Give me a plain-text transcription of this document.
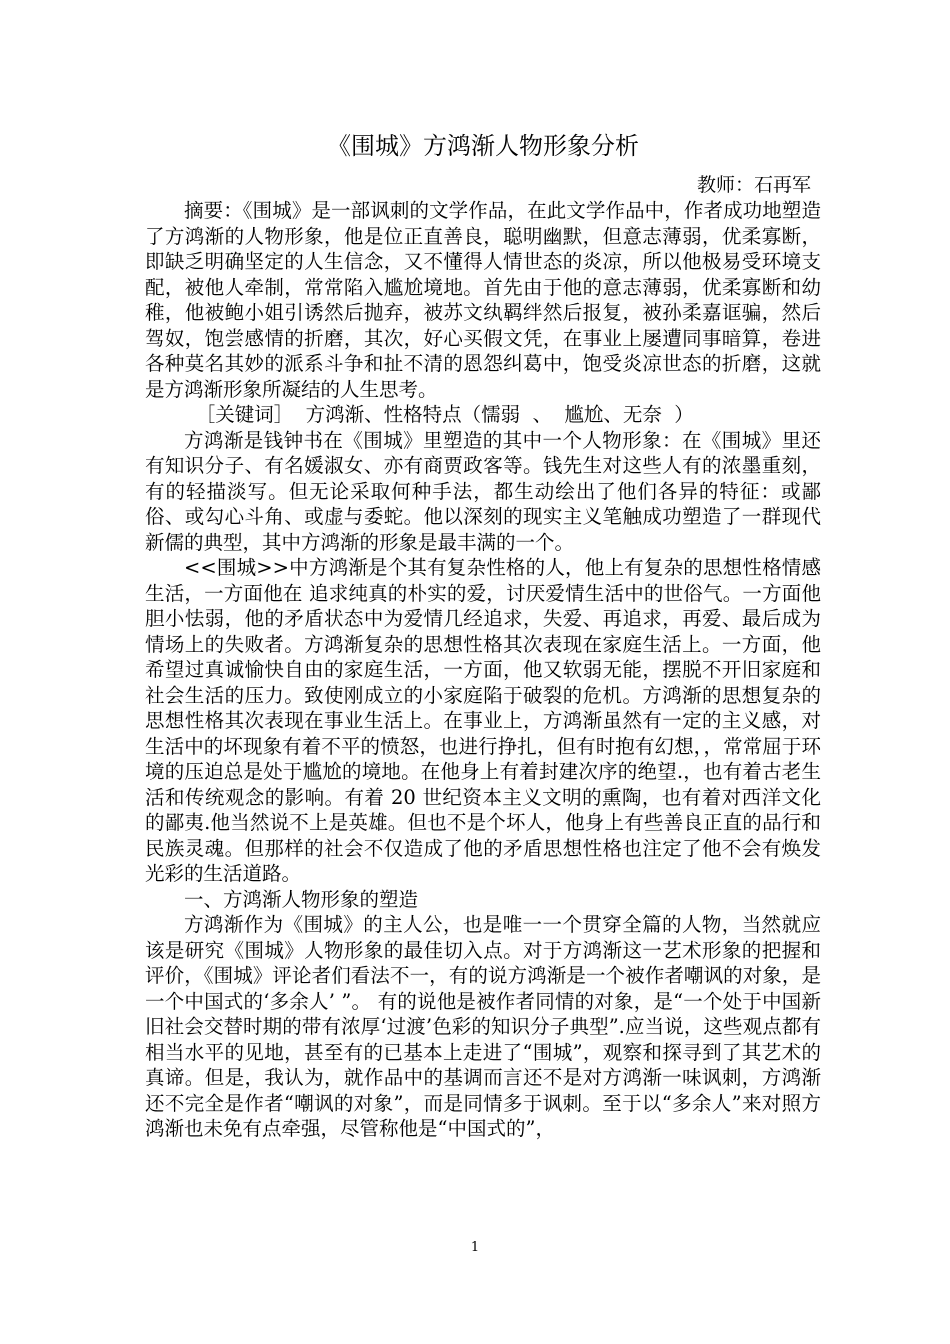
《围城》方鸿渐人物形象分析
教师：石再军

摘要：《围城》是一部讽刺的文学作品，在此文学作品中，作者成功地塑造了方鸿渐的人物形象，他是位正直善良，聪明幽默，但意志薄弱，优柔寡断，即缺乏明确坚定的人生信念，又不懂得人情世态的炎凉，所以他极易受环境支配，被他人牵制，常常陷入尴尬境地。首先由于他的意志薄弱，优柔寡断和幼稚，他被鲍小姐引诱然后抛弃，被苏文纨羁绊然后报复，被孙柔嘉诓骗，然后驾奴，饱尝感情的折磨，其次，好心买假文凭，在事业上屡遭同事暗算，卷进各种莫名其妙的派系斗争和扯不清的恩怨纠葛中，饱受炎凉世态的折磨，这就是方鸿渐形象所凝结的人生思考。

［关键词］  方鸿渐、性格特点（懦弱  、  尴尬、无奈  ）

方鸿渐是钱钟书在《围城》里塑造的其中一个人物形象：在《围城》里还有知识分子、有名媛淑女、亦有商贾政客等。钱先生对这些人有的浓墨重刻，有的轻描淡写。但无论采取何种手法，都生动绘出了他们各异的特征：或鄙俗、或勾心斗角、或虚与委蛇。他以深刻的现实主义笔触成功塑造了一群现代新儒的典型，其中方鸿渐的形象是最丰满的一个。

<<围城>>中方鸿渐是个其有复杂性格的人，他上有复杂的思想性格情感生活，一方面他在 追求纯真的朴实的爱，讨厌爱情生活中的世俗气。一方面他胆小怯弱，他的矛盾状态中为爱情几经追求，失爱、再追求，再爱、最后成为情场上的失败者。方鸿渐复杂的思想性格其次表现在家庭生活上。一方面，他希望过真诚愉快自由的家庭生活，一方面，他又软弱无能，摆脱不开旧家庭和社会生活的压力。致使刚成立的小家庭陷于破裂的危机。方鸿渐的思想复杂的思想性格其次表现在事业生活上。在事业上，方鸿渐虽然有一定的主义感，对生活中的坏现象有着不平的愤怒，也进行挣扎，但有时抱有幻想，，常常屈于环境的压迫总是处于尴尬的境地。在他身上有着封建次序的绝望.，也有着古老生活和传统观念的影响。有着 20 世纪资本主义文明的熏陶，也有着对西洋文化的鄙夷.他当然说不上是英雄。但也不是个坏人，他身上有些善良正直的品行和民族灵魂。但那样的社会不仅造成了他的矛盾思想性格也注定了他不会有焕发光彩的生活道路。

一、方鸿渐人物形象的塑造

方鸿渐作为《围城》的主人公，也是唯一一个贯穿全篇的人物，当然就应该是研究《围城》人物形象的最佳切入点。对于方鸿渐这一艺术形象的把握和评价，《围城》评论者们看法不一，有的说方鸿渐是一个被作者嘲讽的对象，是一个中国式的‘多余人’ ”。 有的说他是被作者同情的对象，是“一个处于中国新旧社会交替时期的带有浓厚‘过渡’色彩的知识分子典型”.应当说，这些观点都有相当水平的见地，甚至有的已基本上走进了“围城”，观察和探寻到了其艺术的真谛。但是，我认为，就作品中的基调而言还不是对方鸿渐一味讽刺，方鸿渐还不完全是作者“嘲讽的对象”，而是同情多于讽刺。至于以“多余人”来对照方鸿渐也未免有点牵强，尽管称他是“中国式的”，

1
